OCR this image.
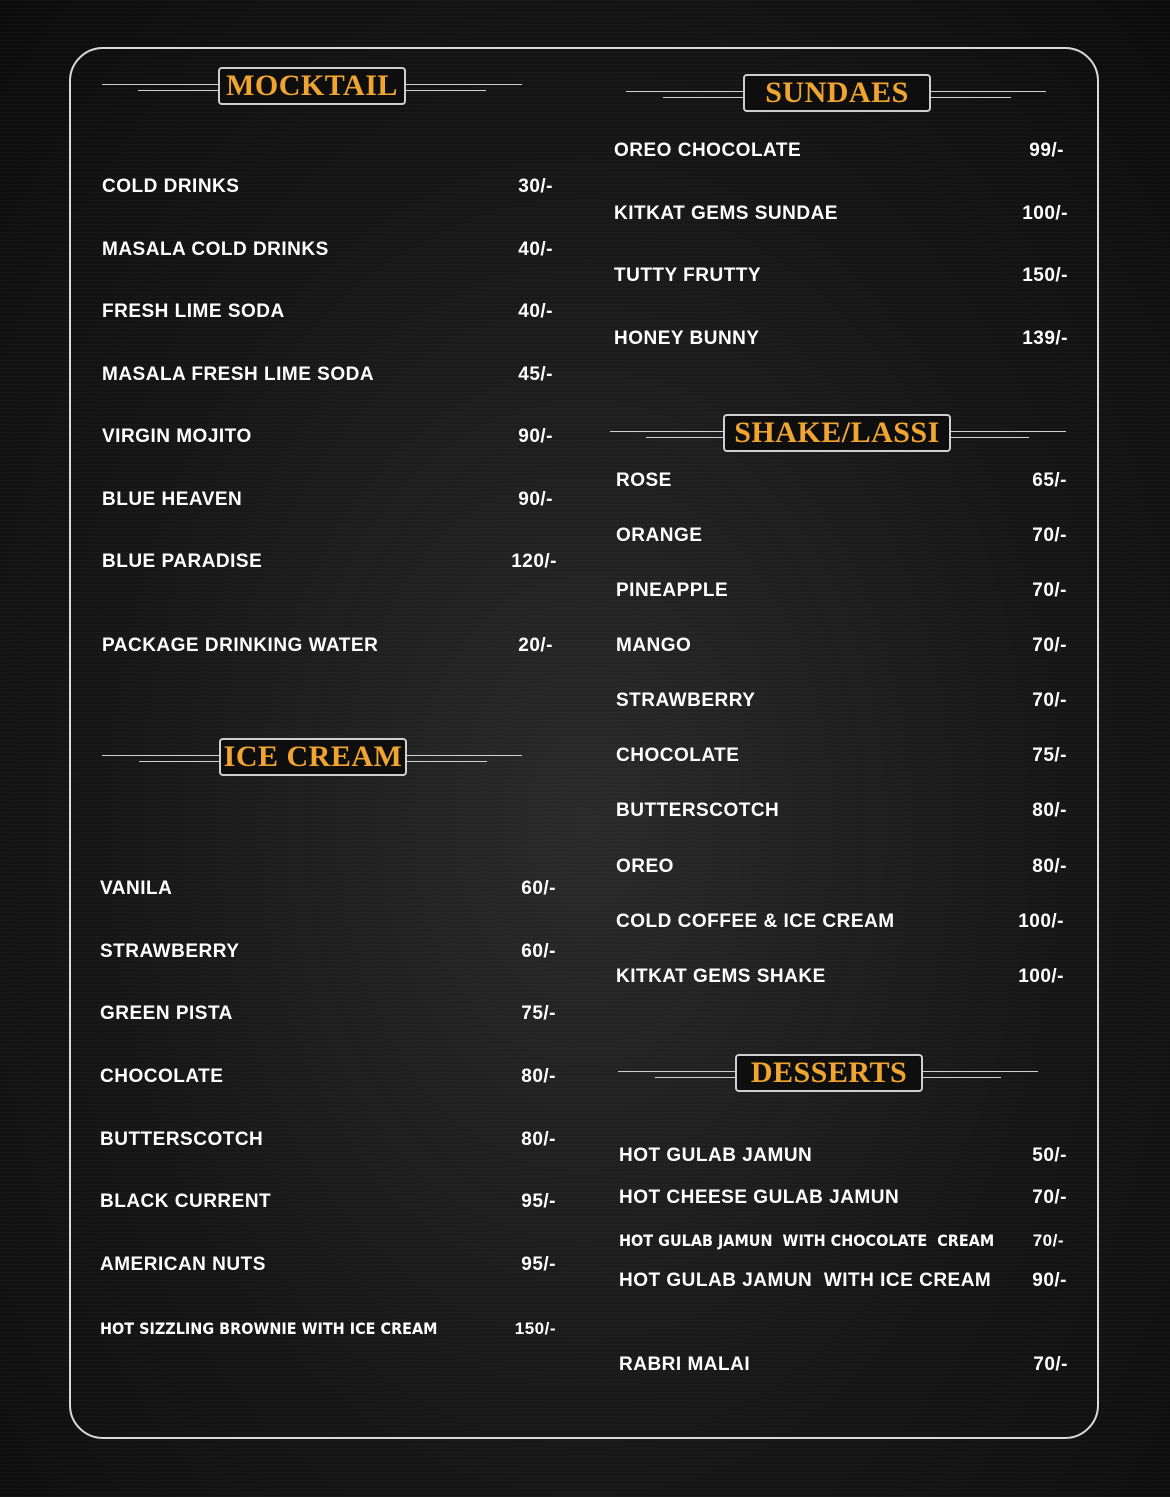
MOCKTAIL
COLD DRINKS	30/-
MASALA COLD DRINKS	40/-
FRESH LIME SODA	40/-
MASALA FRESH LIME SODA	45/-
VIRGIN MOJITO	90/-
BLUE HEAVEN	90/-
BLUE PARADISE	120/-
PACKAGE DRINKING WATER	20/-
ICE CREAM
VANILA	60/-
STRAWBERRY	60/-
GREEN PISTA	75/-
CHOCOLATE	80/-
BUTTERSCOTCH	80/-
BLACK CURRENT	95/-
AMERICAN NUTS	95/-
HOT SIZZLING BROWNIE WITH ICE CREAM	150/-
SUNDAES
OREO CHOCOLATE	99/-
KITKAT GEMS SUNDAE	100/-
TUTTY FRUTTY	150/-
HONEY BUNNY	139/-
SHAKE/LASSI
ROSE	65/-
ORANGE	70/-
PINEAPPLE	70/-
MANGO	70/-
STRAWBERRY	70/-
CHOCOLATE	75/-
BUTTERSCOTCH	80/-
OREO	80/-
COLD COFFEE & ICE CREAM	100/-
KITKAT GEMS SHAKE	100/-
DESSERTS
HOT GULAB JAMUN	50/-
HOT CHEESE GULAB JAMUN	70/-
HOT GULAB JAMUN  WITH CHOCOLATE  CREAM 70/-
HOT GULAB JAMUN  WITH ICE CREAM 90/-
RABRI MALAI	70/-
